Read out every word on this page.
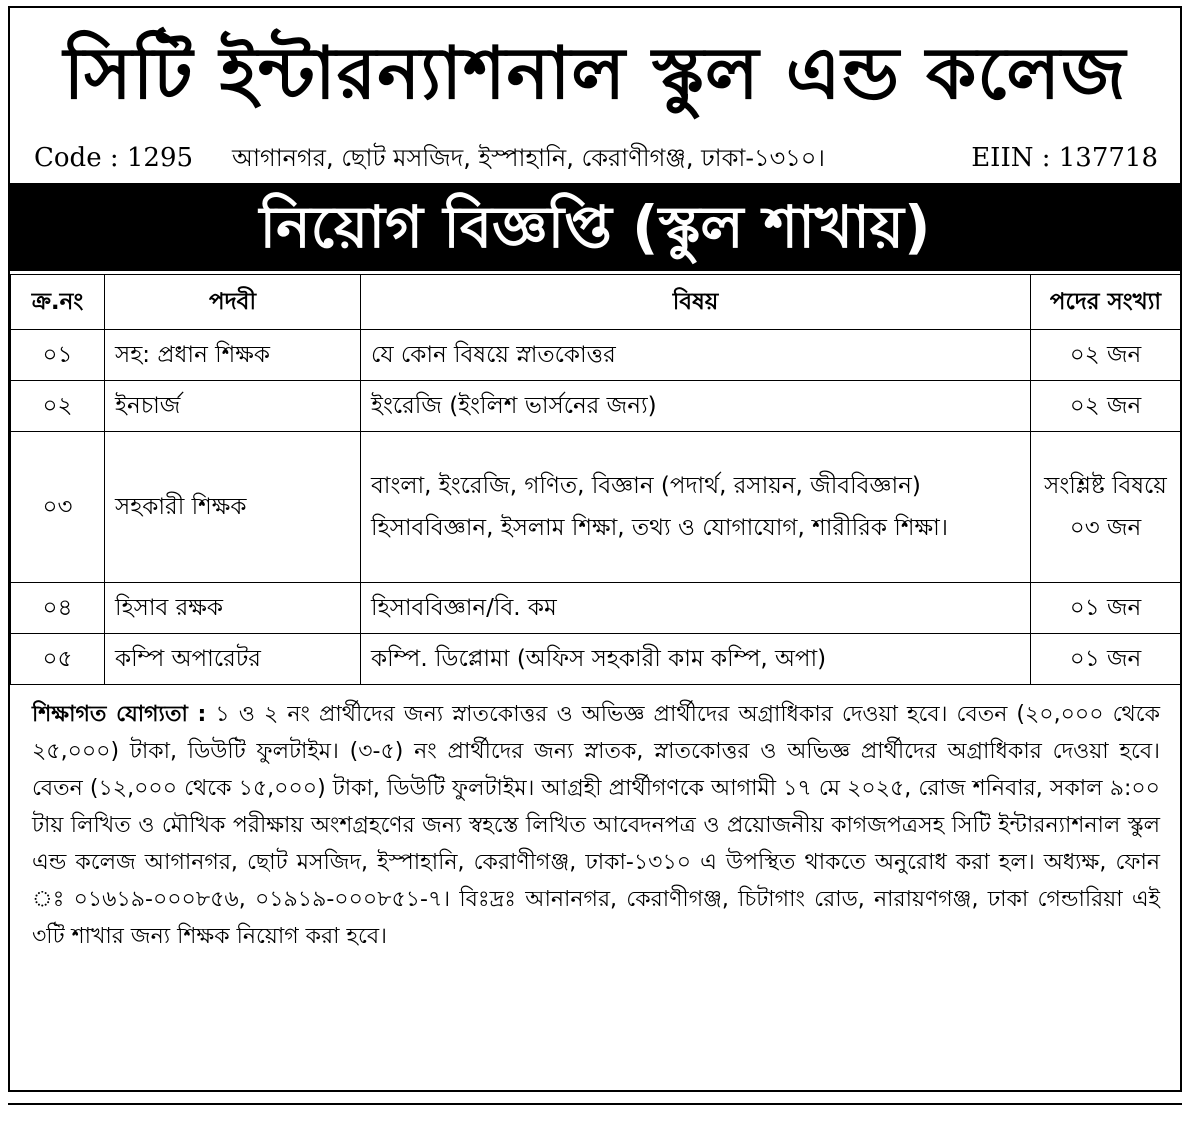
সিটি ইন্টারন্যাশনাল স্কুল এন্ড কলেজ
Code : 1295 আগানগর, ছোট মসজিদ, ইস্পাহানি, কেরাণীগঞ্জ, ঢাকা-১৩১০।	EIIN : 137718
নিয়োগ বিজ্ঞপ্তি (স্কুল শাখায়)
ক্র.নং	পদবী	বিষয়	পদের সংখ্যা
০১	সহ: প্রধান শিক্ষক	যে কোন বিষয়ে স্নাতকোত্তর	০২ জন
০২	ইনচার্জ	ইংরেজি (ইংলিশ ভার্সনের জন্য)	০২ জন
০৩	সহকারী শিক্ষক	বাংলা, ইংরেজি, গণিত, বিজ্ঞান (পদার্থ, রসায়ন, জীববিজ্ঞান) হিসাববিজ্ঞান, ইসলাম শিক্ষা, তথ্য ও যোগাযোগ, শারীরিক শিক্ষা।	সংশ্লিষ্ট বিষয়ে ০৩ জন
০৪	হিসাব রক্ষক	হিসাববিজ্ঞান/বি. কম	০১ জন
০৫	কম্পি অপারেটর	কম্পি. ডিপ্লোমা (অফিস সহকারী কাম কম্পি, অপা)	০১ জন
শিক্ষাগত যোগ্যতা : ১ ও ২ নং প্রার্থীদের জন্য স্নাতকোত্তর ও অভিজ্ঞ প্রার্থীদের অগ্রাধিকার দেওয়া হবে। বেতন (২০,০০০ থেকে ২৫,০০০) টাকা, ডিউটি ফুলটাইম। (৩-৫) নং প্রার্থীদের জন্য স্নাতক, স্নাতকোত্তর ও অভিজ্ঞ প্রার্থীদের অগ্রাধিকার দেওয়া হবে। বেতন (১২,০০০ থেকে ১৫,০০০) টাকা, ডিউটি ফুলটাইম। আগ্রহী প্রার্থীগণকে আগামী ১৭ মে ২০২৫, রোজ শনিবার, সকাল ৯:০০ টায় লিখিত ও মৌখিক পরীক্ষায় অংশগ্রহণের জন্য স্বহস্তে লিখিত আবেদনপত্র ও প্রয়োজনীয় কাগজপত্রসহ সিটি ইন্টারন্যাশনাল স্কুল এন্ড কলেজ আগানগর, ছোট মসজিদ, ইস্পাহানি, কেরাণীগঞ্জ, ঢাকা-১৩১০ এ উপস্থিত থাকতে অনুরোধ করা হল। অধ্যক্ষ, ফোন ঃ ০১৬১৯-০০০৮৫৬, ০১৯১৯-০০০৮৫১-৭। বিঃদ্রঃ আনানগর, কেরাণীগঞ্জ, চিটাগাং রোড, নারায়ণগঞ্জ, ঢাকা গেন্ডারিয়া এই ৩টি শাখার জন্য শিক্ষক নিয়োগ করা হবে।
